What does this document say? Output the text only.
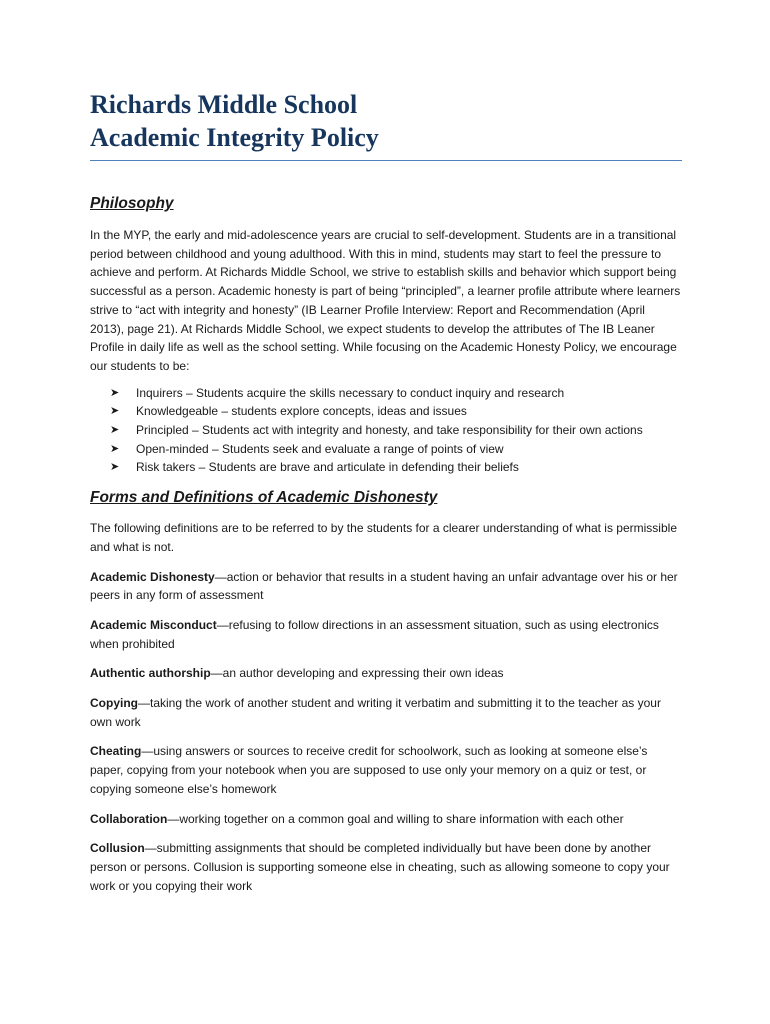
Richards Middle School
Academic Integrity Policy
Philosophy

In the MYP, the early and mid-adolescence years are crucial to self-development. Students are in a transitional period between childhood and young adulthood. With this in mind, students may start to feel the pressure to achieve and perform. At Richards Middle School, we strive to establish skills and behavior which support being successful as a person. Academic honesty is part of being “principled”, a learner profile attribute where learners strive to “act with integrity and honesty” (IB Learner Profile Interview: Report and Recommendation (April 2013), page 21). At Richards Middle School, we expect students to develop the attributes of The IB Leaner Profile in daily life as well as the school setting. While focusing on the Academic Honesty Policy, we encourage our students to be:

➤ Inquirers – Students acquire the skills necessary to conduct inquiry and research
➤ Knowledgeable – students explore concepts, ideas and issues
➤ Principled – Students act with integrity and honesty, and take responsibility for their own actions
➤ Open-minded – Students seek and evaluate a range of points of view
➤ Risk takers – Students are brave and articulate in defending their beliefs
Forms and Definitions of Academic Dishonesty

The following definitions are to be referred to by the students for a clearer understanding of what is permissible and what is not.

Academic Dishonesty—action or behavior that results in a student having an unfair advantage over his or her peers in any form of assessment

Academic Misconduct—refusing to follow directions in an assessment situation, such as using electronics when prohibited

Authentic authorship—an author developing and expressing their own ideas

Copying—taking the work of another student and writing it verbatim and submitting it to the teacher as your own work

Cheating—using answers or sources to receive credit for schoolwork, such as looking at someone else’s paper, copying from your notebook when you are supposed to use only your memory on a quiz or test, or copying someone else’s homework

Collaboration—working together on a common goal and willing to share information with each other

Collusion—submitting assignments that should be completed individually but have been done by another person or persons. Collusion is supporting someone else in cheating, such as allowing someone to copy your work or you copying their work
